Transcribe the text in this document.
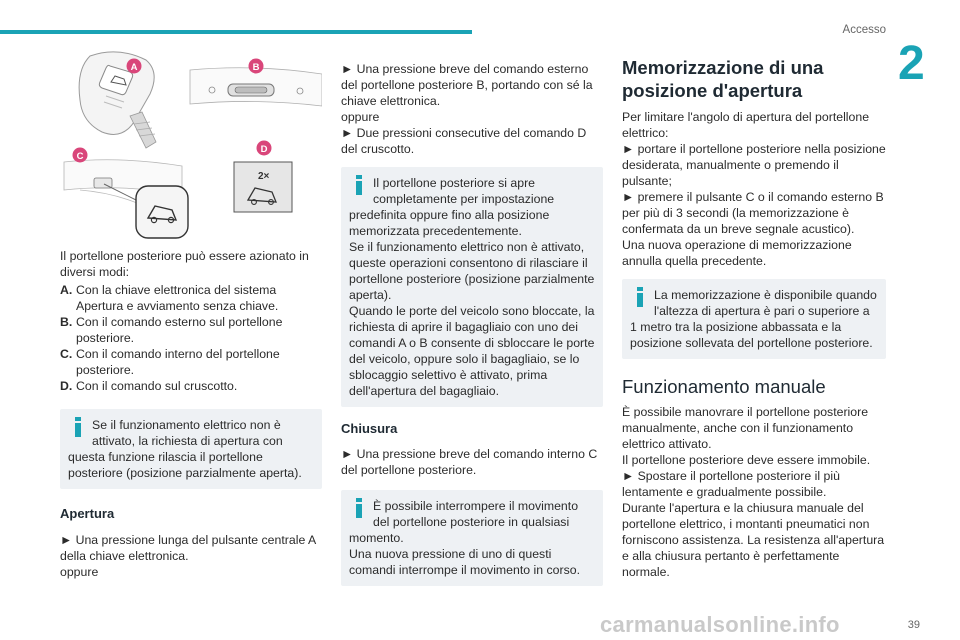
Accesso
2
2×
A	B
C
D

Il portellone posteriore può essere azionato in diversi modi:

A. Con la chiave elettronica del sistema Apertura e avviamento senza chiave.
B. Con il comando esterno sul portellone posteriore.
C. Con il comando interno del portellone posteriore.
D. Con il comando sul cruscotto.

Se il funzionamento elettrico non è attivato, la richiesta di apertura con

questa funzione rilascia il portellone posteriore (posizione parzialmente aperta).

Apertura

► Una pressione lunga del pulsante centrale A della chiave elettronica.

oppure

► Una pressione breve del comando esterno del portellone posteriore B, portando con sé la chiave elettronica.

oppure

► Due pressioni consecutive del comando D del cruscotto.

Il portellone posteriore si apre completamente per impostazione

predefinita oppure fino alla posizione memorizzata precedentemente.

Se il funzionamento elettrico non è attivato, queste operazioni consentono di rilasciare il portellone posteriore (posizione parzialmente aperta).

Quando le porte del veicolo sono bloccate, la richiesta di aprire il bagagliaio con uno dei comandi A o B consente di sbloccare le porte del veicolo, oppure solo il bagagliaio, se lo sblocaggio selettivo è attivato, prima dell'apertura del bagagliaio.

Chiusura

► Una pressione breve del comando interno C del portellone posteriore.

È possibile interrompere il movimento del portellone posteriore in qualsiasi

momento.

Una nuova pressione di uno di questi comandi interrompe il movimento in corso.

Memorizzazione di una posizione d'apertura

Per limitare l'angolo di apertura del portellone elettrico:

► portare il portellone posteriore nella posizione desiderata, manualmente o premendo il pulsante;

► premere il pulsante C o il comando esterno B per più di 3 secondi (la memorizzazione è confermata da un breve segnale acustico).

Una nuova operazione di memorizzazione annulla quella precedente.

La memorizzazione è disponibile quando l'altezza di apertura è pari o superiore a

1 metro tra la posizione abbassata e la posizione sollevata del portellone posteriore.

Funzionamento manuale

È possibile manovrare il portellone posteriore manualmente, anche con il funzionamento elettrico attivato.

Il portellone posteriore deve essere immobile.

► Spostare il portellone posteriore il più lentamente e gradualmente possibile.

Durante l'apertura e la chiusura manuale del portellone elettrico, i montanti pneumatici non forniscono assistenza. La resistenza all'apertura e alla chiusura pertanto è perfettamente normale.

carmanualsonline.info	39
